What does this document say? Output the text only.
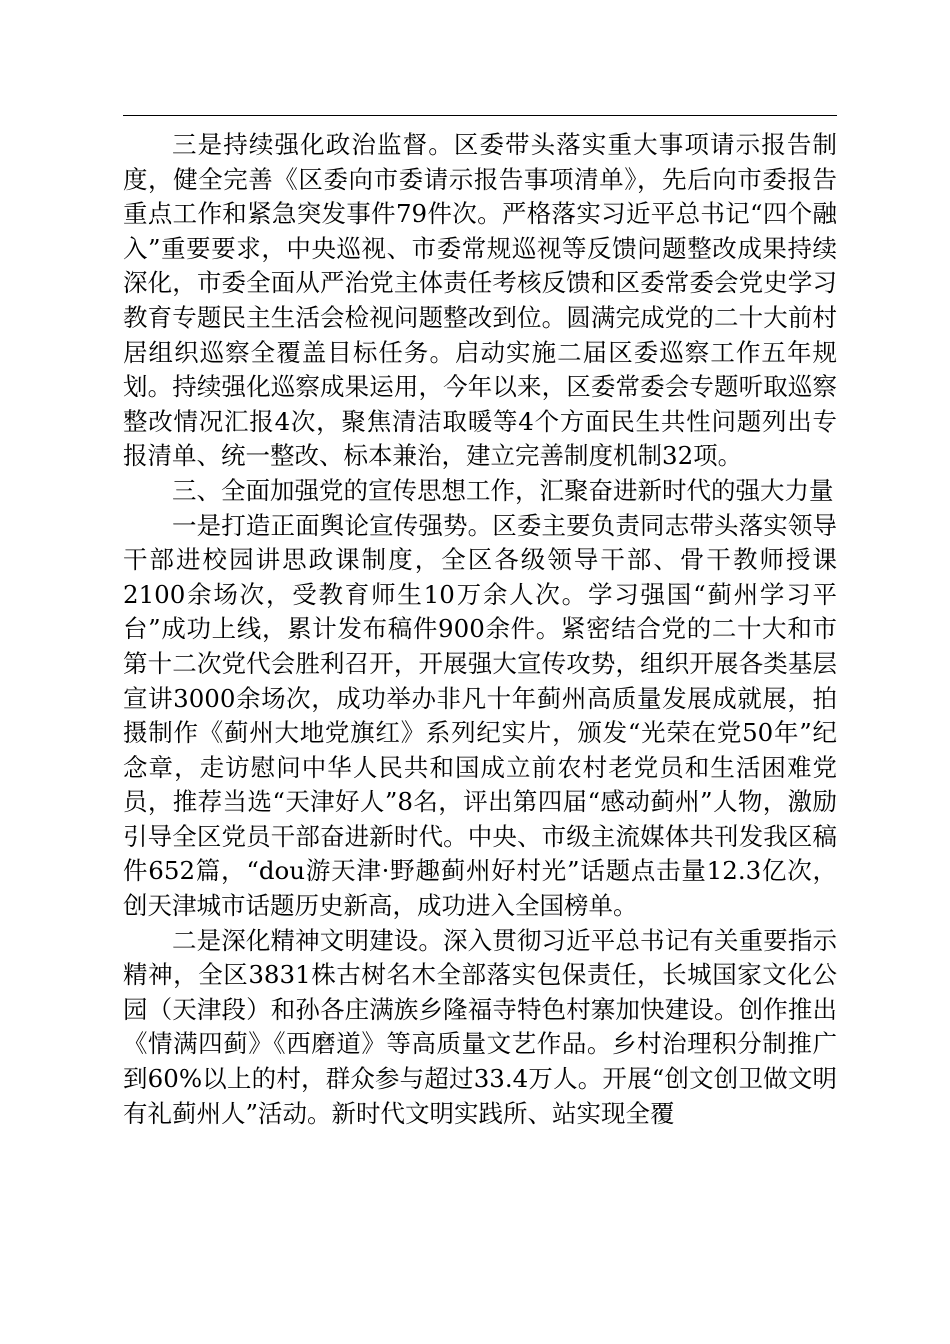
三是持续强化政治监督。区委带头落实重大事项请示报告制度，健全完善《区委向市委请示报告事项清单》，先后向市委报告重点工作和紧急突发事件79件次。严格落实习近平总书记“四个融入”重要要求，中央巡视、市委常规巡视等反馈问题整改成果持续深化，市委全面从严治党主体责任考核反馈和区委常委会党史学习教育专题民主生活会检视问题整改到位。圆满完成党的二十大前村居组织巡察全覆盖目标任务。启动实施二届区委巡察工作五年规划。持续强化巡察成果运用，今年以来，区委常委会专题听取巡察整改情况汇报4次，聚焦清洁取暖等4个方面民生共性问题列出专报清单、统一整改、标本兼治，建立完善制度机制32项。

三、全面加强党的宣传思想工作，汇聚奋进新时代的强大力量

一是打造正面舆论宣传强势。区委主要负责同志带头落实领导干部进校园讲思政课制度，全区各级领导干部、骨干教师授课2100余场次，受教育师生10万余人次。学习强国“蓟州学习平台”成功上线，累计发布稿件900余件。紧密结合党的二十大和市第十二次党代会胜利召开，开展强大宣传攻势，组织开展各类基层宣讲3000余场次，成功举办非凡十年蓟州高质量发展成就展，拍摄制作《蓟州大地党旗红》系列纪实片，颁发“光荣在党50年”纪念章，走访慰问中华人民共和国成立前农村老党员和生活困难党员，推荐当选“天津好人”8名，评出第四届“感动蓟州”人物，激励引导全区党员干部奋进新时代。中央、市级主流媒体共刊发我区稿件652篇，“dou游天津·野趣蓟州好村光”话题点击量12.3亿次，创天津城市话题历史新高，成功进入全国榜单。

二是深化精神文明建设。深入贯彻习近平总书记有关重要指示精神，全区3831株古树名木全部落实包保责任，长城国家文化公园（天津段）和孙各庄满族乡隆福寺特色村寨加快建设。创作推出《情满四蓟》《西磨道》等高质量文艺作品。乡村治理积分制推广到60%以上的村，群众参与超过33.4万人。开展“创文创卫做文明有礼蓟州人”活动。新时代文明实践所、站实现全覆
